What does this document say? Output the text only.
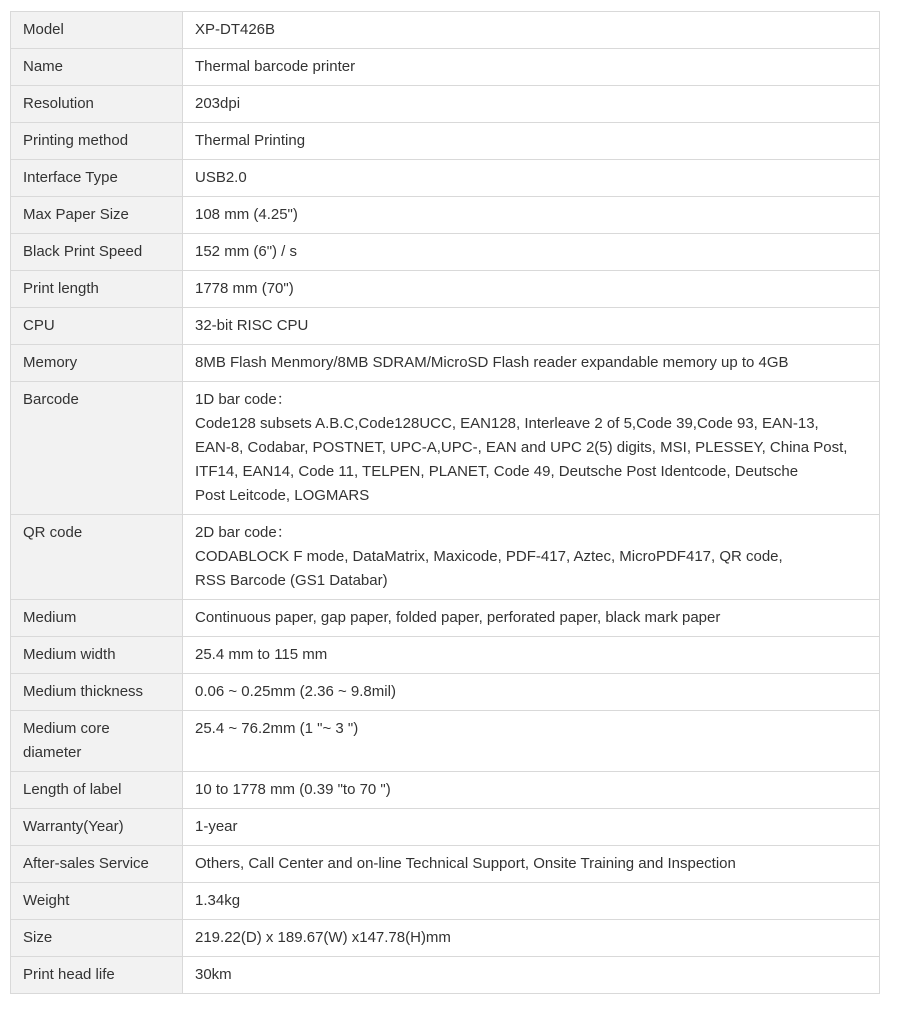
Model	XP-DT426B

Name	Thermal barcode printer

Resolution	203dpi

Printing method	Thermal Printing

Interface Type	USB2.0

Max Paper Size	108 mm (4.25")

Black Print Speed	152 mm (6") / s

Print length	1778 mm (70")

CPU	32-bit RISC CPU

Memory	8MB Flash Menmory/8MB SDRAM/MicroSD Flash reader expandable memory up to 4GB

Barcode	1D bar code：
Code128 subsets A.B.C,Code128UCC, EAN128, Interleave 2 of 5,Code 39,Code 93, EAN-13,
EAN-8, Codabar, POSTNET, UPC-A,UPC-, EAN and UPC 2(5) digits, MSI, PLESSEY, China Post,
ITF14, EAN14, Code 11, TELPEN, PLANET, Code 49, Deutsche Post Identcode, Deutsche
Post Leitcode, LOGMARS

QR code	2D bar code：
CODABLOCK F mode, DataMatrix, Maxicode, PDF-417, Aztec, MicroPDF417, QR code,
RSS Barcode (GS1 Databar)

Medium	Continuous paper, gap paper, folded paper, perforated paper, black mark paper

Medium width	25.4 mm to 115 mm

Medium thickness	0.06 ~ 0.25mm (2.36 ~ 9.8mil)

Medium core diameter	25.4 ~ 76.2mm (1 "~ 3 ")

Length of label	10 to 1778 mm (0.39 "to 70 ")

Warranty(Year)	1-year

After-sales Service	Others, Call Center and on-line Technical Support, Onsite Training and Inspection

Weight	1.34kg

Size	219.22(D) x 189.67(W) x147.78(H)mm

Print head life	30km
